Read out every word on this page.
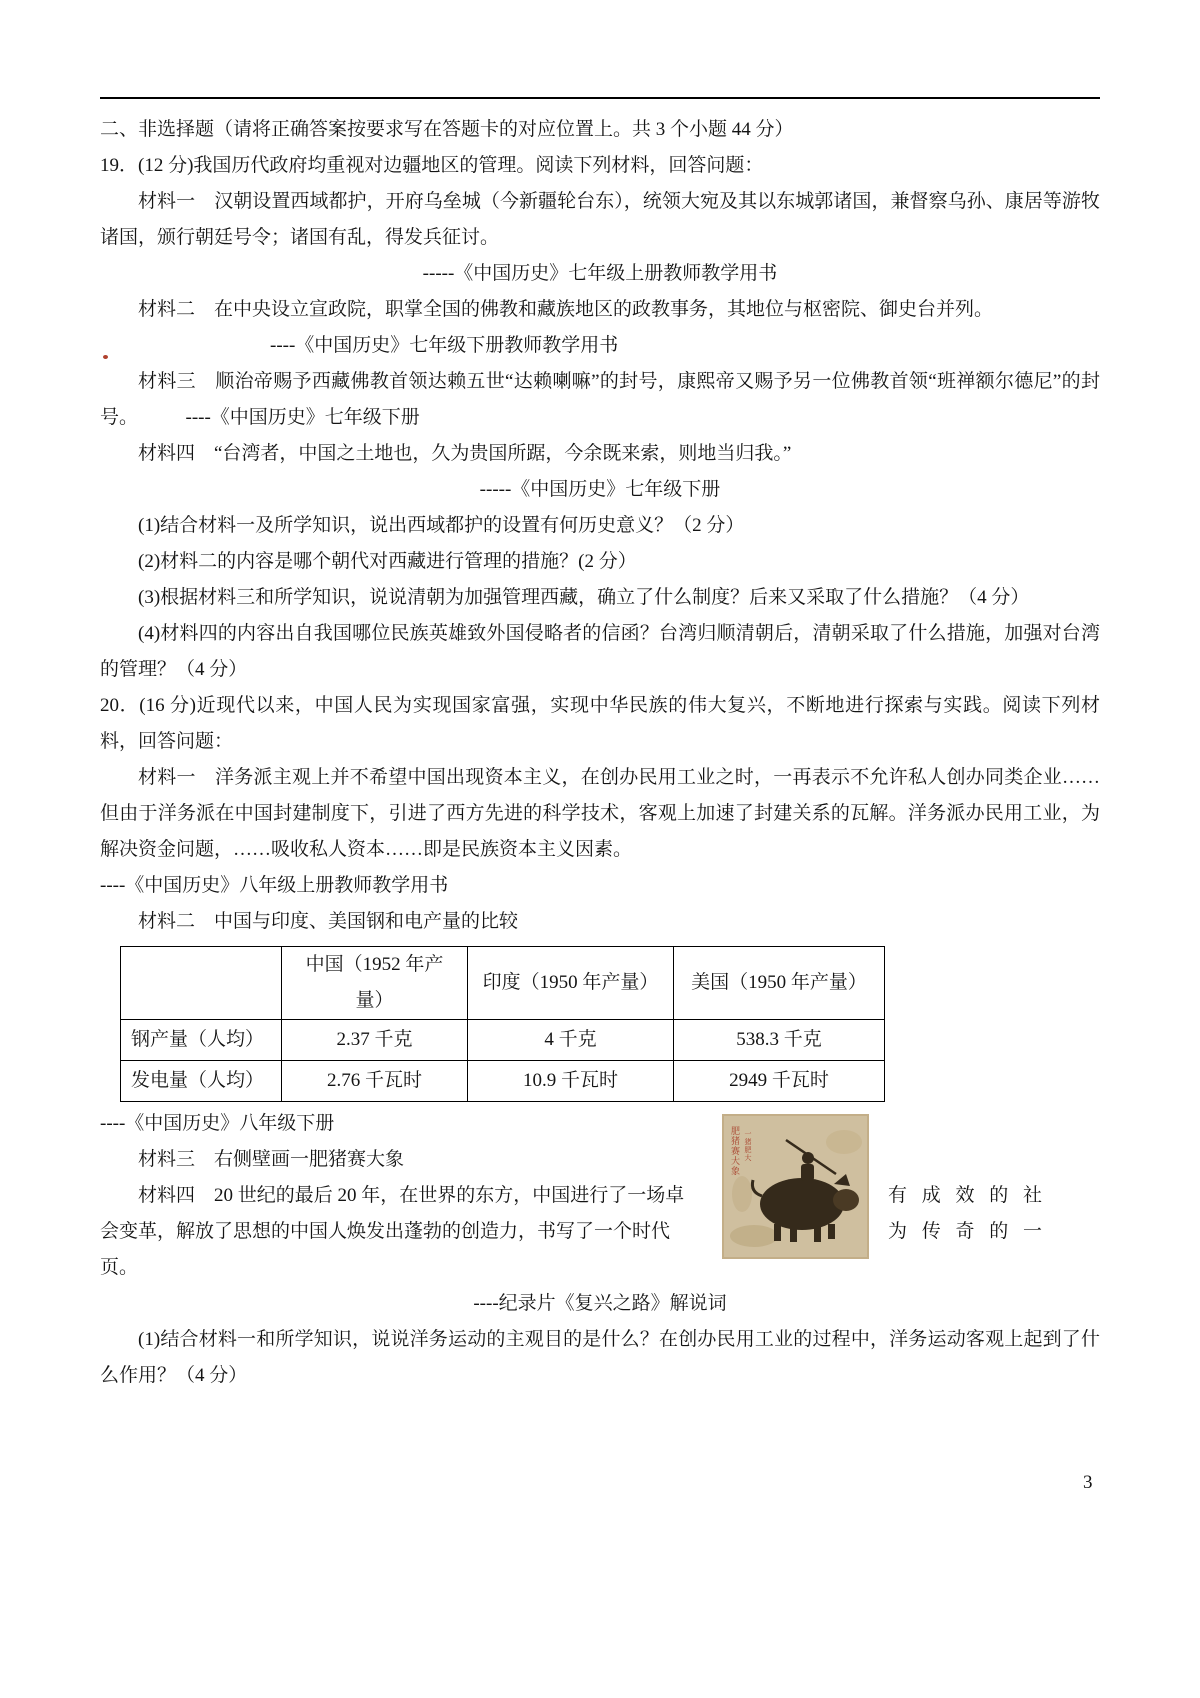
二、非选择题（请将正确答案按要求写在答题卡的对应位置上。共 3 个小题 44 分）

19．(12 分)我国历代政府均重视对边疆地区的管理。阅读下列材料，回答问题：

材料一　汉朝设置西域都护，开府乌垒城（今新疆轮台东），统领大宛及其以东城郭诸国，兼督察乌孙、康居等游牧诸国，颁行朝廷号令；诸国有乱，得发兵征讨。

-----《中国历史》七年级上册教师教学用书

材料二　在中央设立宣政院，职掌全国的佛教和藏族地区的政教事务，其地位与枢密院、御史台并列。

----《中国历史》七年级下册教师教学用书

材料三　顺治帝赐予西藏佛教首领达赖五世“达赖喇嘛”的封号，康熙帝又赐予另一位佛教首领“班禅额尔德尼”的封号。　　　----《中国历史》七年级下册

材料四　“台湾者，中国之土地也，久为贵国所踞，今余既来索，则地当归我。”

-----《中国历史》七年级下册

(1)结合材料一及所学知识，说出西域都护的设置有何历史意义？（2 分）

(2)材料二的内容是哪个朝代对西藏进行管理的措施？(2 分）

(3)根据材料三和所学知识，说说清朝为加强管理西藏，确立了什么制度？后来又采取了什么措施？（4 分）

(4)材料四的内容出自我国哪位民族英雄致外国侵略者的信函？台湾归顺清朝后，清朝采取了什么措施，加强对台湾的管理？（4 分）

20．(16 分)近现代以来，中国人民为实现国家富强，实现中华民族的伟大复兴，不断地进行探索与实践。阅读下列材料，回答问题：

材料一　洋务派主观上并不希望中国出现资本主义，在创办民用工业之时，一再表示不允许私人创办同类企业……但由于洋务派在中国封建制度下，引进了西方先进的科学技术，客观上加速了封建关系的瓦解。洋务派办民用工业，为解决资金问题，……吸收私人资本……即是民族资本主义因素。

----《中国历史》八年级上册教师教学用书

材料二　中国与印度、美国钢和电产量的比较

	中国（1952 年产量）	印度（1950 年产量）	美国（1950 年产量）
钢产量（人均）	2.37 千克	4 千克	538.3 千克
发电量（人均）	2.76 千瓦时	10.9 千瓦时	2949 千瓦时
肥猪赛大象 一猪肥大

----《中国历史》八年级下册

材料三　右侧壁画一肥猪赛大象

材料四　20 世纪的最后 20 年，在世界的东方，中国进行了一场卓	有 成 效 的 社
会变革，解放了思想的中国人焕发出蓬勃的创造力，书写了一个时代	为 传 奇 的 一
页。

----纪录片《复兴之路》解说词

(1)结合材料一和所学知识，说说洋务运动的主观目的是什么？在创办民用工业的过程中，洋务运动客观上起到了什么作用？（4 分）

3
